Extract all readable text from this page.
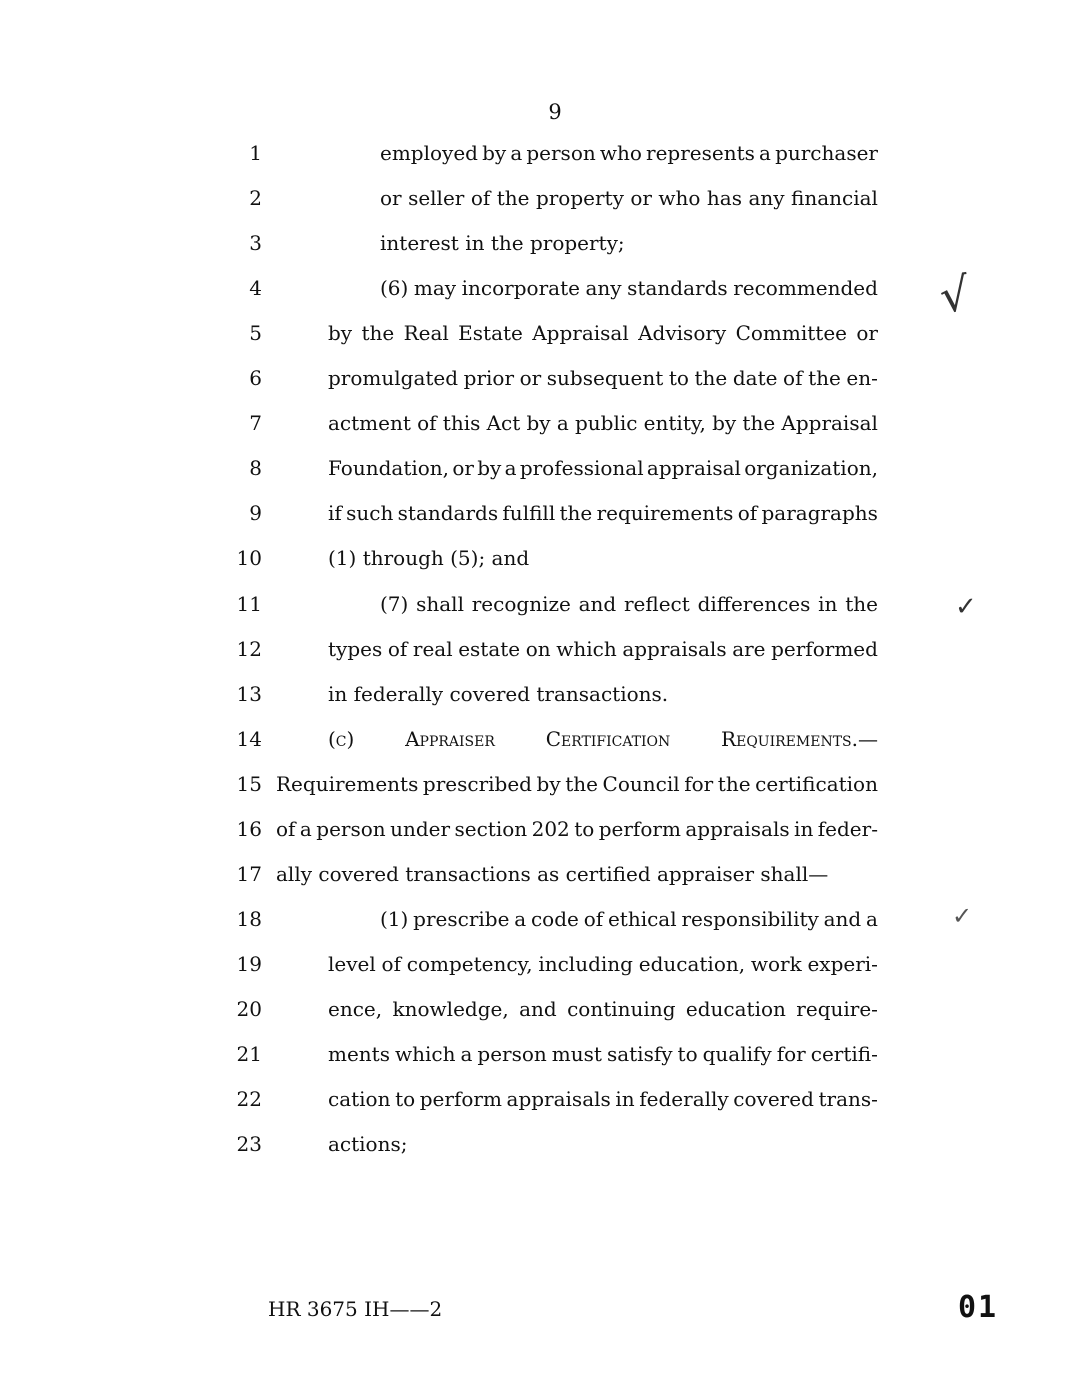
9
1	employed by a person who represents a purchaser
2	or seller of the property or who has any financial
3	interest in the property;
4	(6) may incorporate any standards recommended
5	by the Real Estate Appraisal Advisory Committee or
6	promulgated prior or subsequent to the date of the en-
7	actment of this Act by a public entity, by the Appraisal
8	Foundation, or by a professional appraisal organization,
9	if such standards fulfill the requirements of paragraphs
10	(1) through (5); and
11	(7) shall recognize and reflect differences in the
12	types of real estate on which appraisals are performed
13	in federally covered transactions.
14	(c)	Appraiser	Certification	Requirements.—
15 Requirements prescribed by the Council for the certification
16 of a person under section 202 to perform appraisals in feder-
17 ally covered transactions as certified appraiser shall—
18	(1) prescribe a code of ethical responsibility and a
19	level of competency, including education, work experi-
20	ence, knowledge, and continuing education require-
21	ments which a person must satisfy to qualify for certifi-
22	cation to perform appraisals in federally covered trans-
23	actions;
√
✓
✓
HR 3675 IH——2	01
